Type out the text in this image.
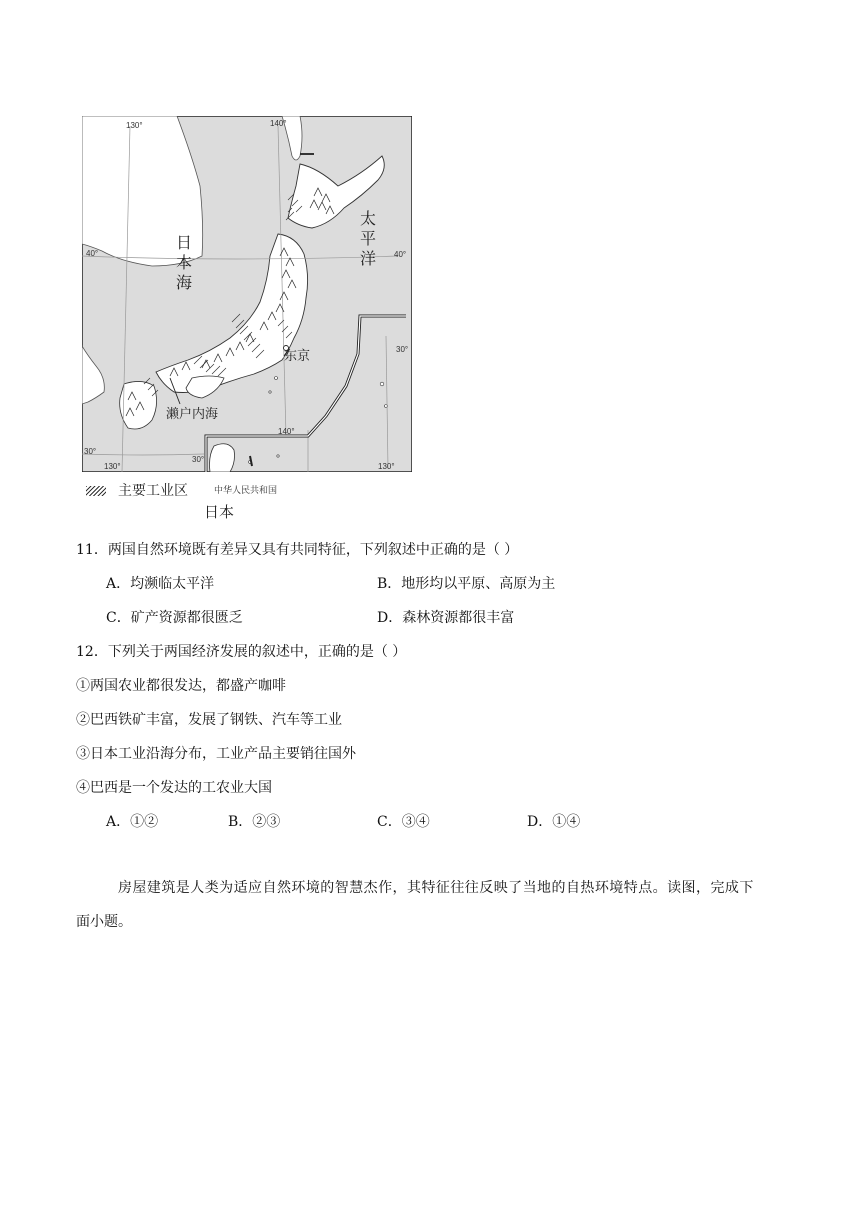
130°	140°
40°	40°
30°
140°
30°
30°
130°	130°
日
本
海
太
平
洋
东京
濑户内海
主要工业区	中华人民共和国
日本
11．两国自然环境既有差异又具有共同特征，下列叙述中正确的是（ ）
A．均濒临太平洋	B．地形均以平原、高原为主
C．矿产资源都很匮乏	D．森林资源都很丰富
12．下列关于两国经济发展的叙述中，正确的是（ ）
①两国农业都很发达，都盛产咖啡
②巴西铁矿丰富，发展了钢铁、汽车等工业
③日本工业沿海分布，工业产品主要销往国外
④巴西是一个发达的工农业大国
A．①②	B．②③	C．③④	D．①④
房屋建筑是人类为适应自然环境的智慧杰作，其特征往往反映了当地的自热环境特点。读图，完成下
面小题。
